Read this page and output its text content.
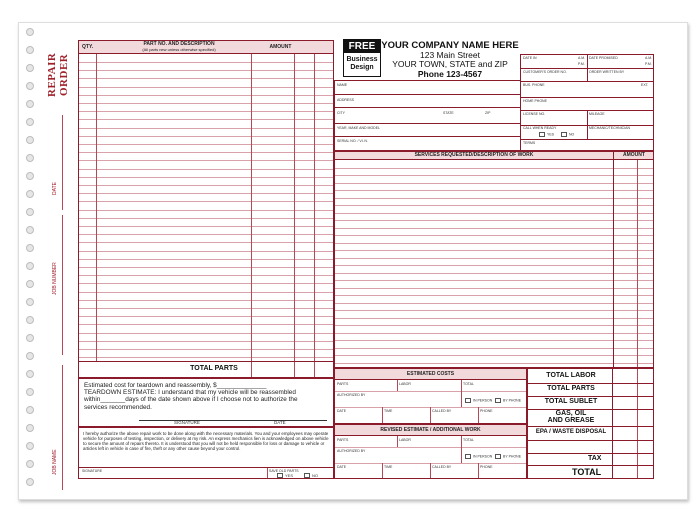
REPAIR ORDER
DATE
JOB NUMBER
JOB NAME
QTY.	PART NO. AND DESCRIPTION
(All parts new unless otherwise specified)	AMOUNT
TOTAL PARTS
Estimated cost for teardown and reassembly, $______________
TEARDOWN ESTIMATE: I understand that my vehicle will be reassembled
within_______days of the date shown above if I choose not to authorize the
services recommended.
SIGNATURE	DATE
I hereby authorize the above repair work to be done along with the necessary materials. You and your employees may operate vehicle for purposes of testing, inspection, or delivery at my risk. An express mechanics lien is acknowledged on above vehicle to secure the amount of repairs thereto. It is understood that you will not be held responsible for loss or damage to vehicle or articles left in vehicle in case of fire, theft or any other cause beyond your control.
SIGNATURE	SAVE OLD PARTS
YES	NO
FREE
Business
Design
YOUR COMPANY NAME HERE
123 Main Street
YOUR TOWN, STATE and ZIP
Phone 123-4567
DATE IN	A.M.
P.M.
DATE PROMISED	A.M.
P.M.
CUSTOMER'S ORDER NO.	ORDER WRITTEN BY
BUS. PHONE	EXT.
HOME PHONE
LICENSE NO.	MILEAGE
CALL WHEN READY
YES	NO
MECHANIC/TECHNICIAN
TERMS
NAME
ADDRESS
CITY	STATE	ZIP
YEAR, MAKE AND MODEL
SERIAL NO. / V.I.N.
SERVICES REQUESTED/DESCRIPTION OF WORK	AMOUNT
ESTIMATED COSTS
PARTS	LABOR	TOTAL
AUTHORIZED BY
IN PERSON	BY PHONE
DATE	TIME	CALLED BY	PHONE
REVISED ESTIMATE / ADDITIONAL WORK
PARTS	LABOR	TOTAL
AUTHORIZED BY
IN PERSON	BY PHONE
DATE	TIME	CALLED BY	PHONE
TOTAL LABOR
TOTAL PARTS
TOTAL SUBLET
GAS, OIL
AND GREASE
EPA / WASTE DISPOSAL
TAX
TOTAL
